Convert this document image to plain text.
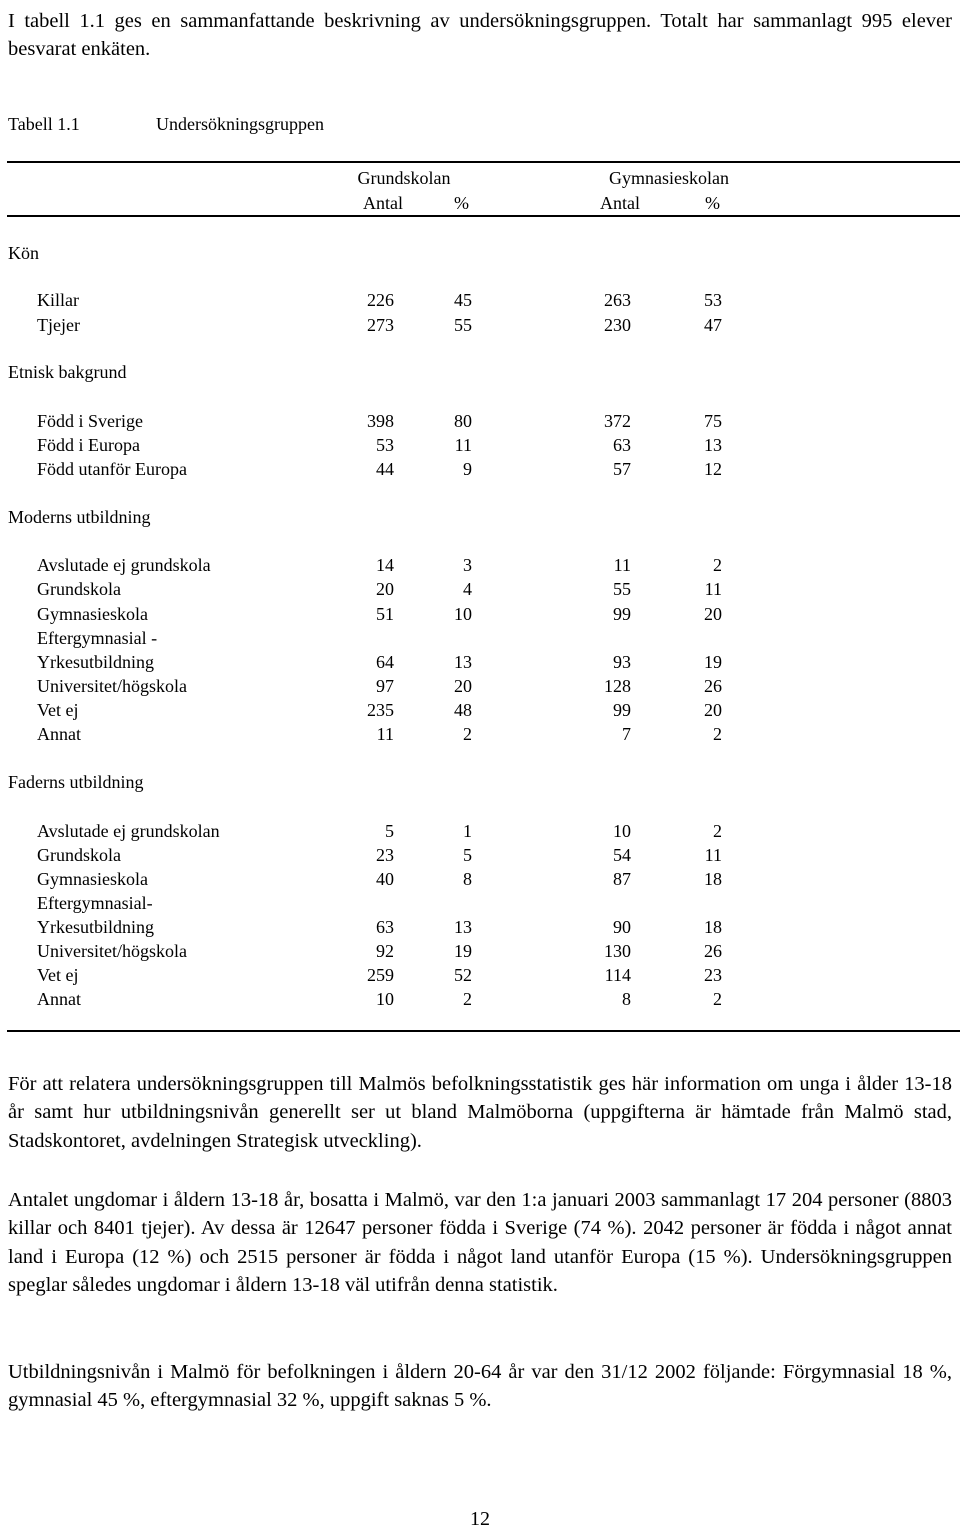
I tabell 1.1 ges en sammanfattande beskrivning av undersökningsgruppen. Totalt har sammanlagt 995 elever besvarat enkäten.

Tabell 1.1	Undersökningsgruppen
Grundskolan	Gymnasieskolan
Antal	%	Antal	%
Kön
Killar	226	45	263	53
Tjejer	273	55	230	47
Etnisk bakgrund
Född i Sverige	398	80	372	75
Född i Europa	53	11	63	13
Född utanför Europa	44	9	57	12
Moderns utbildning
Avslutade ej grundskola	14	3	11	2
Grundskola	20	4	55	11
Gymnasieskola	51	10	99	20
Eftergymnasial -
Yrkesutbildning	64	13	93	19
Universitet/högskola	97	20	128	26
Vet ej	235	48	99	20
Annat	11	2	7	2
Faderns utbildning
Avslutade ej grundskolan	5	1	10	2
Grundskola	23	5	54	11
Gymnasieskola	40	8	87	18
Eftergymnasial-
Yrkesutbildning	63	13	90	18
Universitet/högskola	92	19	130	26
Vet ej	259	52	114	23
Annat	10	2	8	2

För att relatera undersökningsgruppen till Malmös befolkningsstatistik ges här information om unga i ålder 13-18 år samt hur utbildningsnivån generellt ser ut bland Malmöborna (uppgifterna är hämtade från Malmö stad, Stadskontoret, avdelningen Strategisk utveckling).

Antalet ungdomar i åldern 13-18 år, bosatta i Malmö, var den 1:a januari 2003 sammanlagt 17 204 personer (8803 killar och 8401 tjejer). Av dessa är 12647 personer födda i Sverige (74 %). 2042 personer är födda i något annat land i Europa (12 %) och 2515 personer är födda i något land utanför Europa (15 %). Undersökningsgruppen speglar således ungdomar i åldern 13-18 väl utifrån denna statistik.

Utbildningsnivån i Malmö för befolkningen i åldern 20-64 år var den 31/12 2002 följande: Förgymnasial 18 %, gymnasial 45 %, eftergymnasial 32 %, uppgift saknas 5 %.

12
